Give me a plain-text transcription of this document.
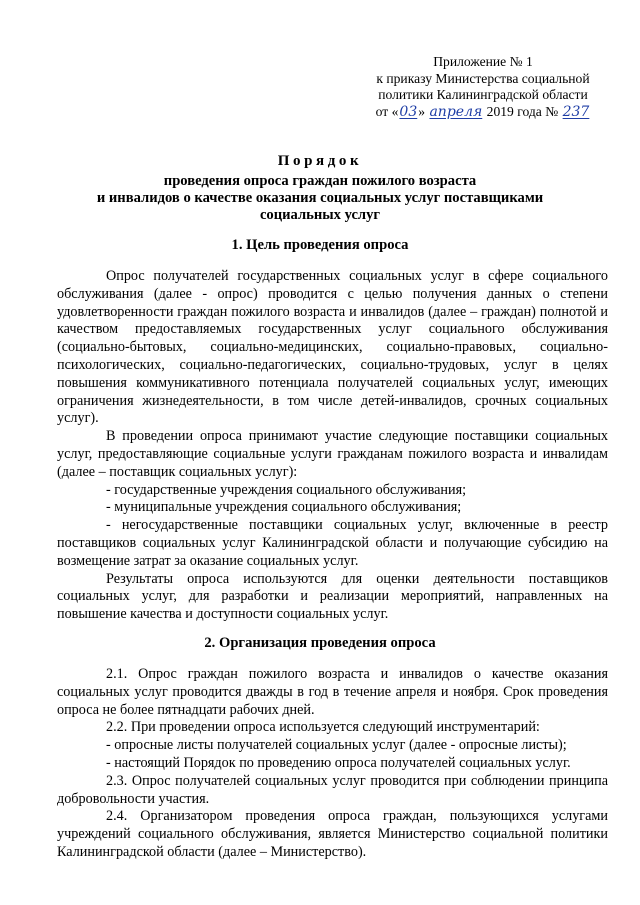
Приложение № 1
к приказу Министерства социальной
политики Калининградской области
от «03» апреля 2019 года № 237
Порядок
проведения опроса граждан пожилого возраста
и инвалидов о качестве оказания социальных услуг поставщиками
социальных услуг
1. Цель проведения опроса

Опрос получателей государственных социальных услуг в сфере социального обслуживания (далее - опрос) проводится с целью получения данных о степени удовлетворенности граждан пожилого возраста и инвалидов (далее – граждан) полнотой и качеством предоставляемых государственных услуг социального обслуживания (социально-бытовых, социально-медицинских, социально-правовых, социально-психологических, социально-педагогических, социально-трудовых, услуг в целях повышения коммуникативного потенциала получателей социальных услуг, имеющих ограничения жизнедеятельности, в том числе детей-инвалидов, срочных социальных услуг).

В проведении опроса принимают участие следующие поставщики социальных услуг, предоставляющие социальные услуги гражданам пожилого возраста и инвалидам (далее – поставщик социальных услуг):

- государственные учреждения социального обслуживания;

- муниципальные учреждения социального обслуживания;

- негосударственные поставщики социальных услуг, включенные в реестр поставщиков социальных услуг Калининградской области и получающие субсидию на возмещение затрат за оказание социальных услуг.

Результаты опроса используются для оценки деятельности поставщиков социальных услуг, для разработки и реализации мероприятий, направленных на повышение качества и доступности социальных услуг.

2. Организация проведения опроса

2.1. Опрос граждан пожилого возраста и инвалидов о качестве оказания социальных услуг проводится дважды в год в течение апреля и ноября. Срок проведения опроса не более пятнадцати рабочих дней.

2.2. При проведении опроса используется следующий инструментарий:

- опросные листы получателей социальных услуг (далее - опросные листы);

- настоящий Порядок по проведению опроса получателей социальных услуг.

2.3. Опрос получателей социальных услуг проводится при соблюдении принципа добровольности участия.

2.4. Организатором проведения опроса граждан, пользующихся услугами учреждений социального обслуживания, является Министерство социальной политики Калининградской области (далее – Министерство).
